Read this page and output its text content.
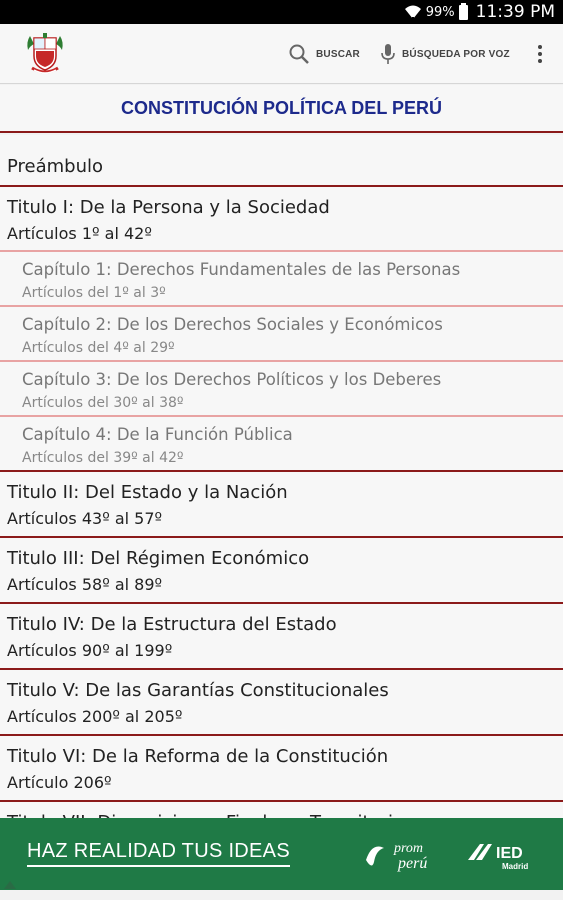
99% 11:39 PM
BUSCAR	BÚSQUEDA POR VOZ
CONSTITUCIÓN POLÍTICA DEL PERÚ
Preámbulo
Titulo I: De la Persona y la Sociedad
Artículos 1º al 42º
Capítulo 1: Derechos Fundamentales de las Personas
Artículos del 1º al 3º
Capítulo 2: De los Derechos Sociales y Económicos
Artículos del 4º al 29º
Capítulo 3: De los Derechos Políticos y los Deberes
Artículos del 30º al 38º
Capítulo 4: De la Función Pública
Artículos del 39º al 42º
Titulo II: Del Estado y la Nación
Artículos 43º al 57º
Titulo III: Del Régimen Económico
Artículos 58º al 89º
Titulo IV: De la Estructura del Estado
Artículos 90º al 199º
Titulo V: De las Garantías Constitucionales
Artículos 200º al 205º
Titulo VI: De la Reforma de la Constitución
Artículo 206º
HAZ REALIDAD TUS IDEAS	prom
perú
IED
Madrid
